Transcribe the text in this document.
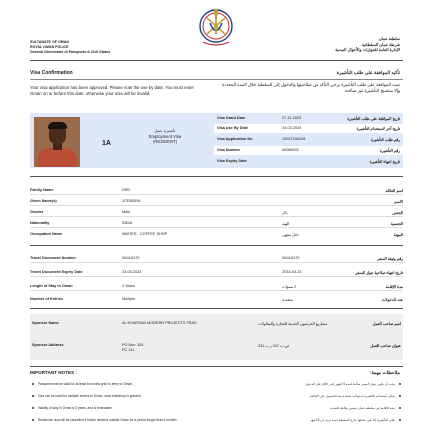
SULTANATE OF OMAN
ROYAL OMAN POLICE
General Directorate of Passports & Civil Status
سلطنة عمان
شرطة عمان السلطانية
الإدارة العامة للجوازات والأحوال المدنية
Visa Confirmation	تأكيد الموافقة على طلب التأشيرة
Your visa application has been approved. Please note the use by date. You must enter Oman on or before this date, otherwise your visa will be invalid.
تمت الموافقة على طلب التأشيرة يرجى التأكد من صلاحيتها والدخول إلى السلطنة خلال المدة المحددة وإلا ستصبح التأشيرة غير صالحة.
1A
تأشيرة عمل
Employment Visa
(RESIDENT)
Visa Grant Date	27-11-2023	تاريخ الموافقة على طلب التأشيرة
Visa Use By Date	24-02-2024	تاريخ آخر لاستخدام التأشيرة
Visa Application No	10047346228	رقم طلب التأشيرة
Visa Number	40086492	رقم التأشيرة
Visa Expiry Date	تاريخ انتهاء التأشيرة
Family Name	GIRI	اسم العائلة
Given Name(s)	JITENDRA	الاسم
Gender	Male	ذكر	الجنس
Nationality	INDIA	الهند	الجنسية
Occupation Name	WAITER - COFFEE SHOP	نادل مقهى	المهنة
Travel Document Number	X6418170	X6418170	رقم وثيقة السفر
Travel Document Expiry Date	23-03-2033	2033-03-23	تاريخ انتهاء صلاحية جواز السفر
Length of Stay in Oman	2 Years	2 سنوات	مدة الإقامة
Number of Entries	Multiple	متعددة	عدد الدخولات
Sponsor Name	AL KHARSUN MODERN PROJECTS TRAD	مشاريع الخرصون الحديثة للتجارة والمقاولات	اسم صاحب العمل
Sponsor Address	PO Box: 324
PC 311
ص.ب 347 ر.ب 311	عنوان صاحب العمل
IMPORTANT NOTES :	ملاحظات مهمة:
Passport must be valid for at least 6 months prior to entry to Oman.	يجب أن يكون جواز السفر صالحا لمدة 6 أشهر على الأقل قبل الدخول
Visa can be used for multiple entries to Oman, once residency is granted.	يمكن استخدام التأشيرة لدخولات متعددة بعد الحصول على الإقامة
Validity of stay in Oman is 2 years, and is renewable.	مدة الإقامة في سلطنة عمان سنتين وقابلة للتجديد
Residence visa will be cancelled if holder remains outside Oman for a period longer than 6 months.	تلغى التأشيرة إذا بقي حاملها خارج السلطنة لمدة تزيد عن 6 أشهر
